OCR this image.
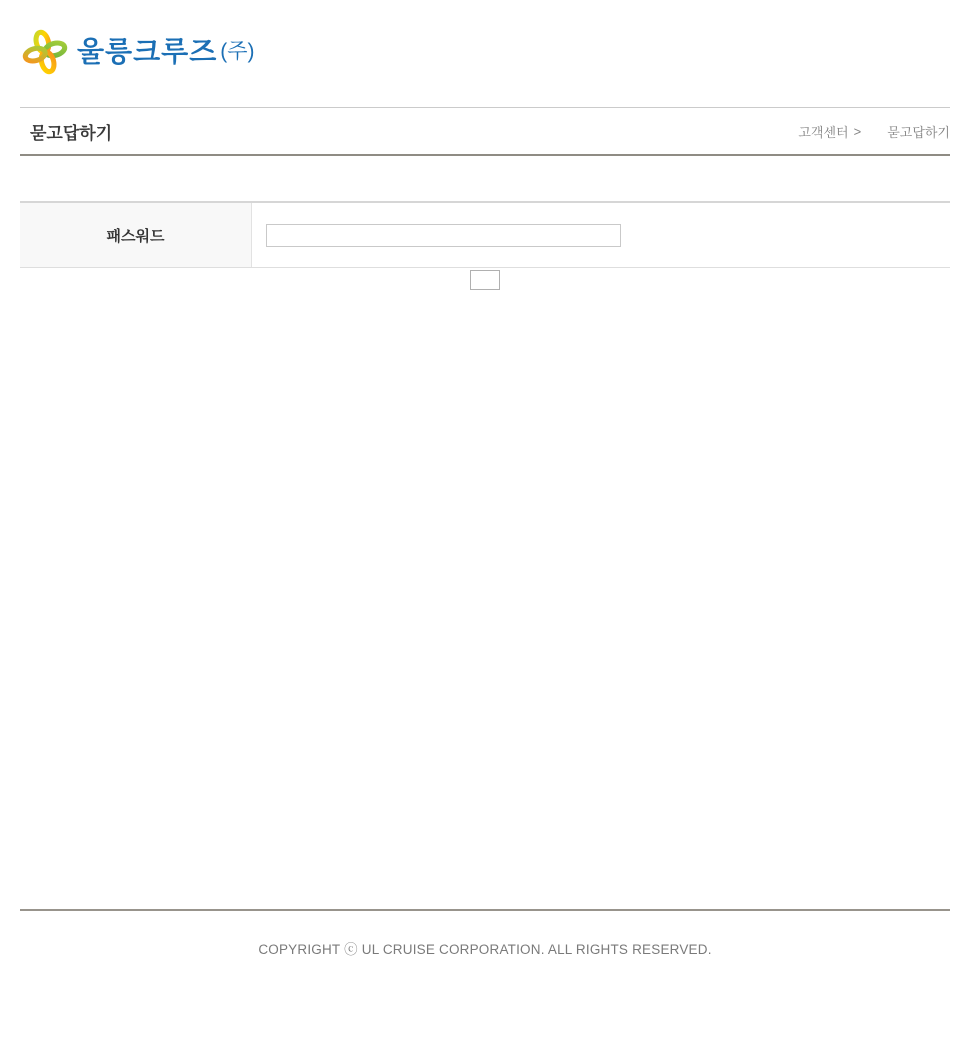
울릉크루즈 (주)
묻고답하기	고객센터 > 묻고답하기
패스워드

COPYRIGHT ⓒ UL CRUISE CORPORATION. ALL RIGHTS RESERVED.
